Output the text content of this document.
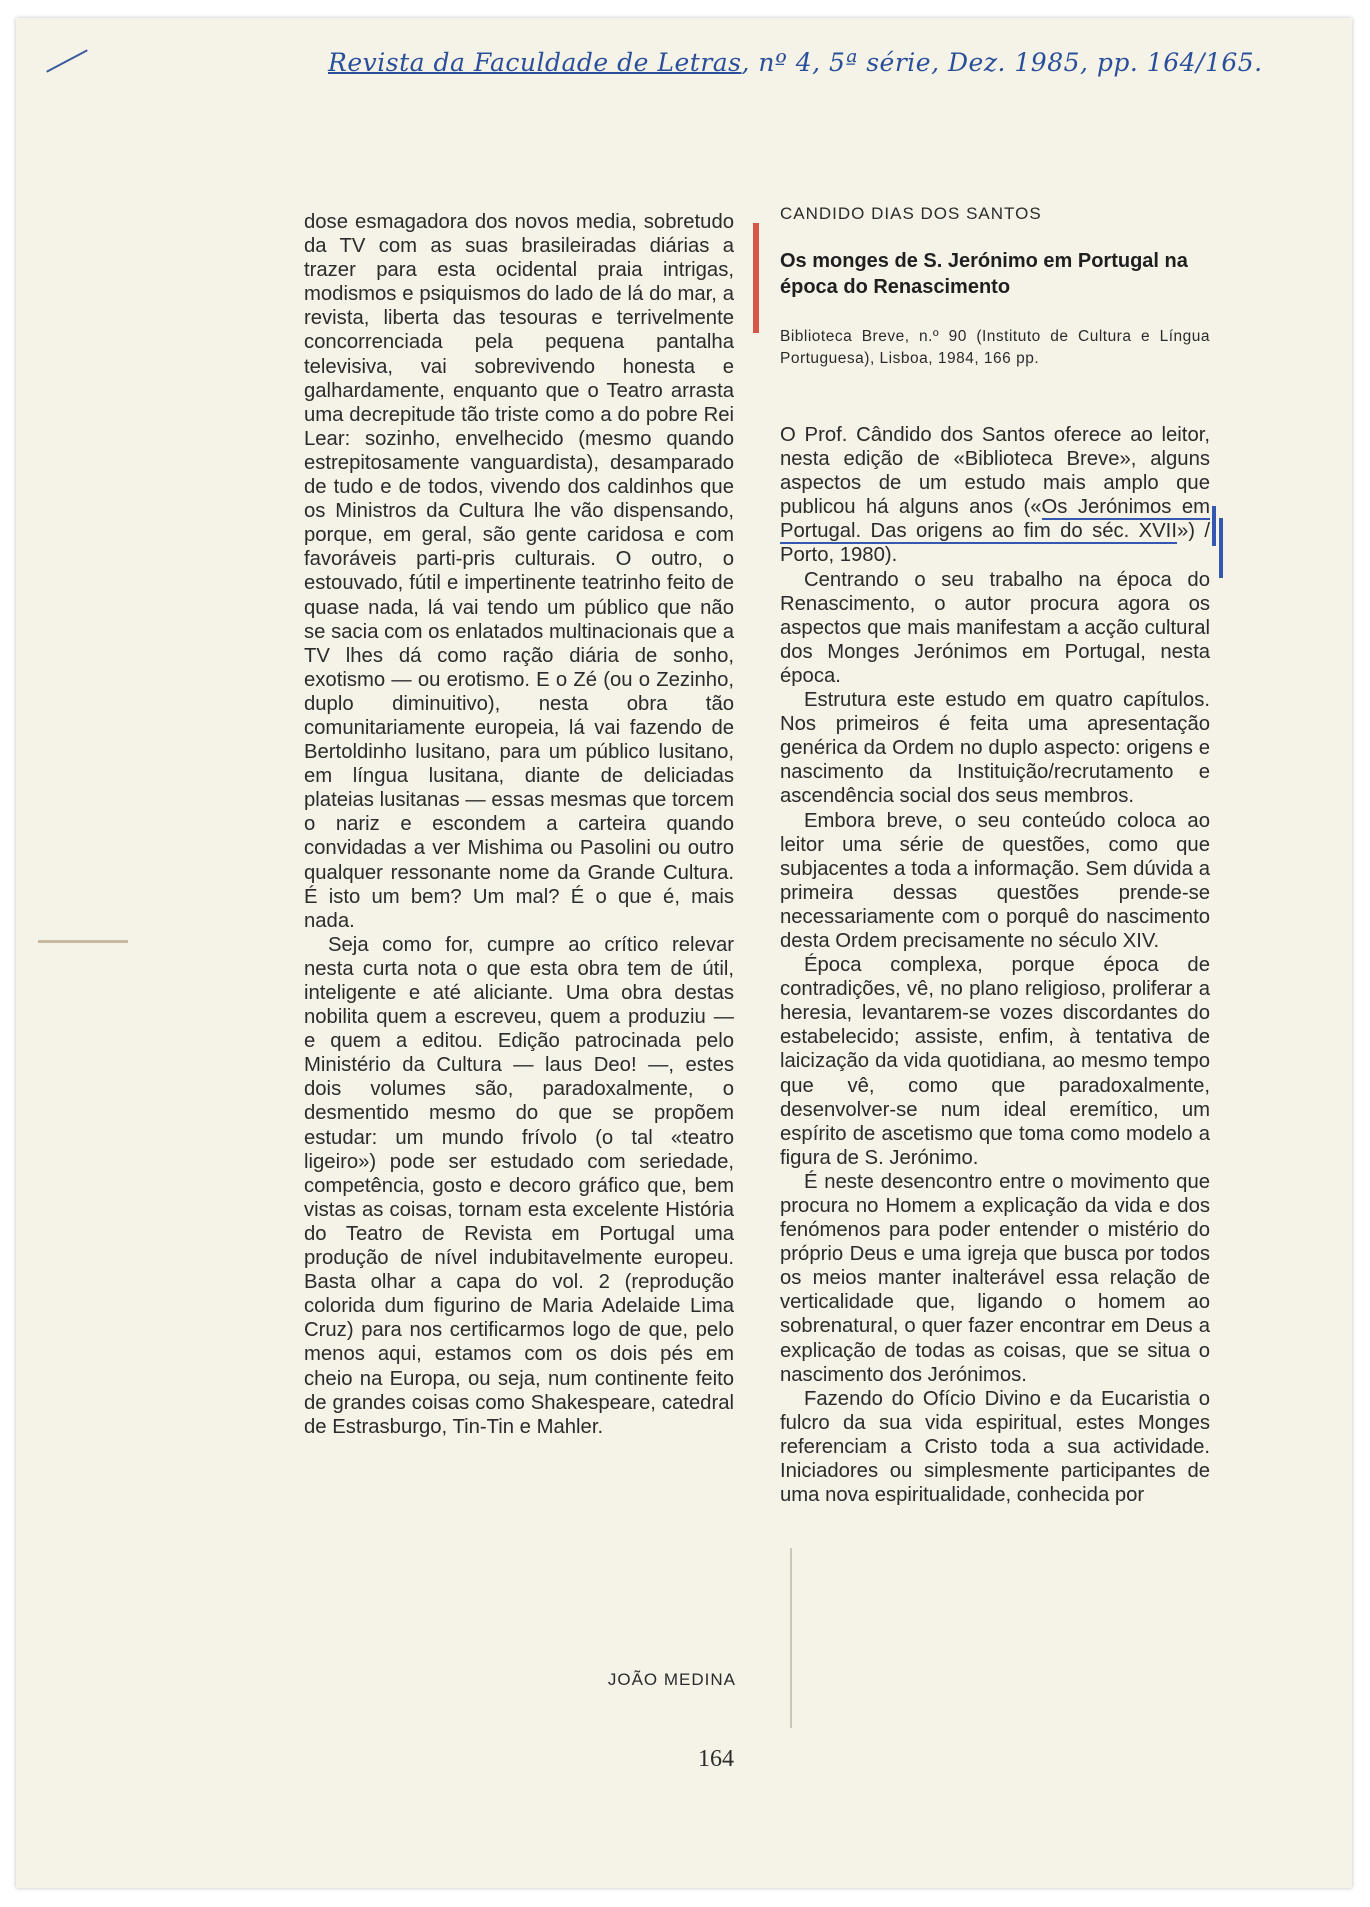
Revista da Faculdade de Letras, nº 4, 5ª série, Dez. 1985, pp. 164/165.

dose esmagadora dos novos media, sobretudo da TV com as suas brasileiradas diárias a trazer para esta ocidental praia intrigas, modismos e psiquismos do lado de lá do mar, a revista, liberta das tesouras e terrivelmente concorrenciada pela pequena pantalha televisiva, vai sobrevivendo honesta e galhardamente, enquanto que o Teatro arrasta uma decrepitude tão triste como a do pobre Rei Lear: sozinho, envelhecido (mesmo quando estrepitosamente vanguardista), desamparado de tudo e de todos, vivendo dos caldinhos que os Ministros da Cultura lhe vão dispensando, porque, em geral, são gente caridosa e com favoráveis parti-pris culturais. O outro, o estouvado, fútil e impertinente teatrinho feito de quase nada, lá vai tendo um público que não se sacia com os enlatados multinacionais que a TV lhes dá como ração diária de sonho, exotismo — ou erotismo. E o Zé (ou o Zezinho, duplo diminuitivo), nesta obra tão comunitariamente europeia, lá vai fazendo de Bertoldinho lusitano, para um público lusitano, em língua lusitana, diante de deliciadas plateias lusitanas — essas mesmas que torcem o nariz e escondem a carteira quando convidadas a ver Mishima ou Pasolini ou outro qualquer ressonante nome da Grande Cultura. É isto um bem? Um mal? É o que é, mais nada.

Seja como for, cumpre ao crítico relevar nesta curta nota o que esta obra tem de útil, inteligente e até aliciante. Uma obra destas nobilita quem a escreveu, quem a produziu — e quem a editou. Edição patrocinada pelo Ministério da Cultura — laus Deo! —, estes dois volumes são, paradoxalmente, o desmentido mesmo do que se propõem estudar: um mundo frívolo (o tal «teatro ligeiro») pode ser estudado com seriedade, competência, gosto e decoro gráfico que, bem vistas as coisas, tornam esta excelente História do Teatro de Revista em Portugal uma produção de nível indubitavelmente europeu. Basta olhar a capa do vol. 2 (reprodução colorida dum figurino de Maria Adelaide Lima Cruz) para nos certificarmos logo de que, pelo menos aqui, estamos com os dois pés em cheio na Europa, ou seja, num continente feito de grandes coisas como Shakespeare, catedral de Estrasburgo, Tin-Tin e Mahler.

JOÃO MEDINA
CANDIDO DIAS DOS SANTOS
Os monges de S. Jerónimo em Portugal na época do Renascimento
Biblioteca Breve, n.º 90 (Instituto de Cultura e Língua Portuguesa), Lisboa, 1984, 166 pp.

O Prof. Cândido dos Santos oferece ao leitor, nesta edição de «Biblioteca Breve», alguns aspectos de um estudo mais amplo que publicou há alguns anos («Os Jerónimos em Portugal. Das origens ao fim do séc. XVII») / Porto, 1980).

Centrando o seu trabalho na época do Renascimento, o autor procura agora os aspectos que mais manifestam a acção cultural dos Monges Jerónimos em Portugal, nesta época.

Estrutura este estudo em quatro capítulos. Nos primeiros é feita uma apresentação genérica da Ordem no duplo aspecto: origens e nascimento da Instituição/recrutamento e ascendência social dos seus membros.

Embora breve, o seu conteúdo coloca ao leitor uma série de questões, como que subjacentes a toda a informação. Sem dúvida a primeira dessas questões prende-se necessariamente com o porquê do nascimento desta Ordem precisamente no século XIV.

Época complexa, porque época de contradições, vê, no plano religioso, proliferar a heresia, levantarem-se vozes discordantes do estabelecido; assiste, enfim, à tentativa de laicização da vida quotidiana, ao mesmo tempo que vê, como que paradoxalmente, desenvolver-se num ideal eremítico, um espírito de ascetismo que toma como modelo a figura de S. Jerónimo.

É neste desencontro entre o movimento que procura no Homem a explicação da vida e dos fenómenos para poder entender o mistério do próprio Deus e uma igreja que busca por todos os meios manter inalterável essa relação de verticalidade que, ligando o homem ao sobrenatural, o quer fazer encontrar em Deus a explicação de todas as coisas, que se situa o nascimento dos Jerónimos.

Fazendo do Ofício Divino e da Eucaristia o fulcro da sua vida espiritual, estes Monges referenciam a Cristo toda a sua actividade. Iniciadores ou simplesmente participantes de uma nova espiritualidade, conhecida por

164
